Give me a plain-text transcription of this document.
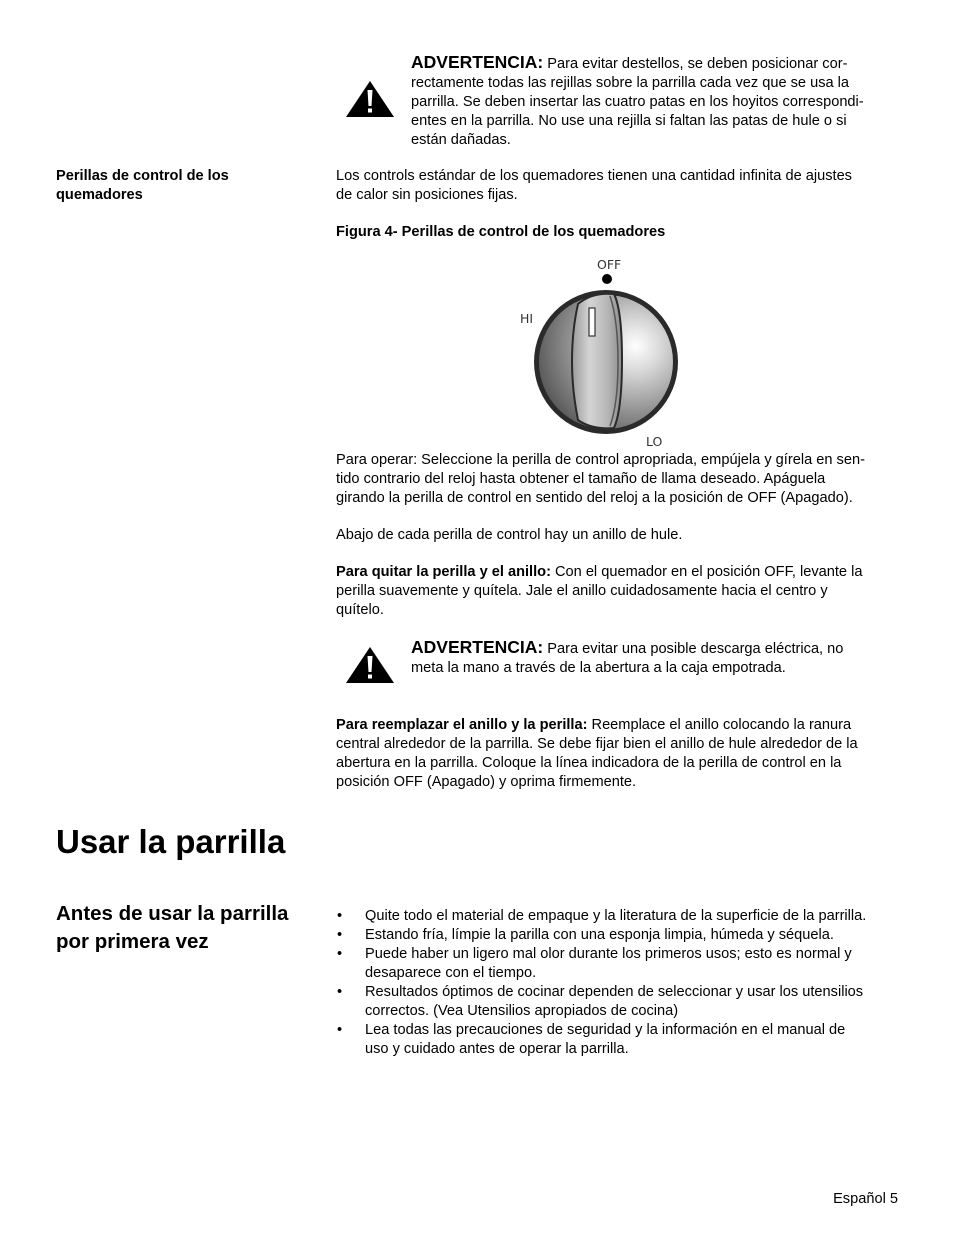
ADVERTENCIA: Para evitar destellos, se deben posicionar cor-
rectamente todas las rejillas sobre la parrilla cada vez que se usa la
parrilla. Se deben insertar las cuatro patas en los hoyitos correspondi-
entes en la parrilla. No use una rejilla si faltan las patas de hule o si
están dañadas.
Perillas de control de los
quemadores
Los controls estándar de los quemadores tienen una cantidad infinita de ajustes
de calor sin posiciones fijas.
Figura 4- Perillas de control de los quemadores
OFF
HI
LO
Para operar: Seleccione la perilla de control apropriada, empújela y gírela en sen-
tido contrario del reloj hasta obtener el tamaño de llama deseado. Apáguela
girando la perilla de control en sentido del reloj a la posición de OFF (Apagado).
Abajo de cada perilla de control hay un anillo de hule.
Para quitar la perilla y el anillo: Con el quemador en el posición OFF, levante la
perilla suavemente y quítela. Jale el anillo cuidadosamente hacia el centro y
quítelo.
ADVERTENCIA: Para evitar una posible descarga eléctrica, no
meta la mano a través de la abertura a la caja empotrada.
Para reemplazar el anillo y la perilla: Reemplace el anillo colocando la ranura
central alrededor de la parrilla. Se debe fijar bien el anillo de hule alrededor de la
abertura en la parrilla. Coloque la línea indicadora de la perilla de control en la
posición OFF (Apagado) y oprima firmemente.
Usar la parrilla
Antes de usar la parrilla
por primera vez
• Quite todo el material de empaque y la literatura de la superficie de la parrilla.
• Estando fría, límpie la parilla con una esponja limpia, húmeda y séquela.
• Puede haber un ligero mal olor durante los primeros usos; esto es normal y
desaparece con el tiempo.
• Resultados óptimos de cocinar dependen de seleccionar y usar los utensilios
correctos. (Vea Utensilios apropiados de cocina)
• Lea todas las precauciones de seguridad y la información en el manual de
uso y cuidado antes de operar la parrilla.
Español 5
